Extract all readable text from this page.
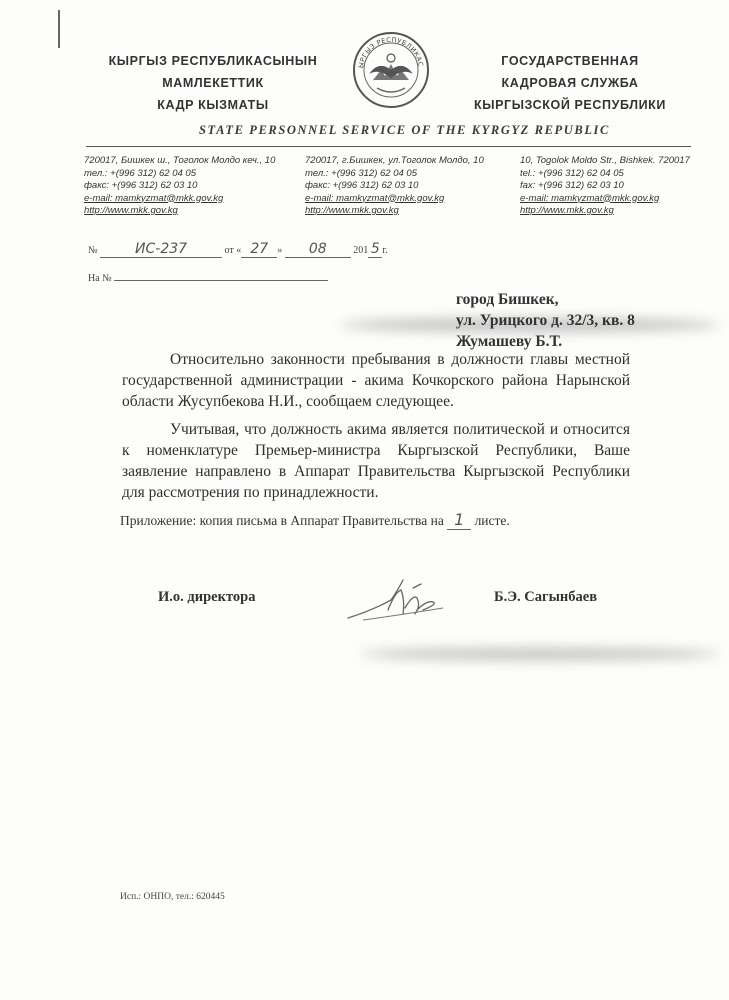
КЫРГЫЗ РЕСПУБЛИКАСЫНЫН
МАМЛЕКЕТТИК
КАДР КЫЗМАТЫ
ЫРГЫЗ РЕСПУБЛИКАС	ГОСУДАРСТВЕННАЯ
КАДРОВАЯ СЛУЖБА
КЫРГЫЗСКОЙ РЕСПУБЛИКИ
STATE PERSONNEL SERVICE OF THE KYRGYZ REPUBLIC
720017, Бишкек ш., Тоголок Молдо кеч., 10
тел.: +(996 312) 62 04 05
факс: +(996 312) 62 03 10
e-mail: mamkyzmat@mkk.gov.kg
http://www.mkk.gov.kg
720017, г.Бишкек, ул.Тоголок Молдо, 10
тел.: +(996 312) 62 04 05
факс: +(996 312) 62 03 10
e-mail: mamkyzmat@mkk.gov.kg
http://www.mkk.gov.kg
10, Togolok Moldo Str., Bishkek. 720017
tel.: +(996 312) 62 04 05
fax: +(996 312) 62 03 10
e-mail: mamkyzmat@mkk.gov.kg
http://www.mkk.gov.kg
№	ИС-237	от « 27 » 08	201 5 г.
На №
город Бишкек,
ул. Урицкого д. 32/3, кв. 8
Жумашеву Б.Т.
Относительно законности пребывания в должности главы местной государственной администрации - акима Кочкорского района Нарынской области Жусупбекова Н.И., сообщаем следующее.
Учитывая, что должность акима является политической и относится к номенклатуре Премьер-министра Кыргызской Республики, Ваше заявление направлено в Аппарат Правительства Кыргызской Республики для рассмотрения по принадлежности.
Приложение: копия письма в Аппарат Правительства на 1 листе.
И.о. директора	Б.Э. Сагынбаев
Исп.: ОНПО, тел.: 620445
